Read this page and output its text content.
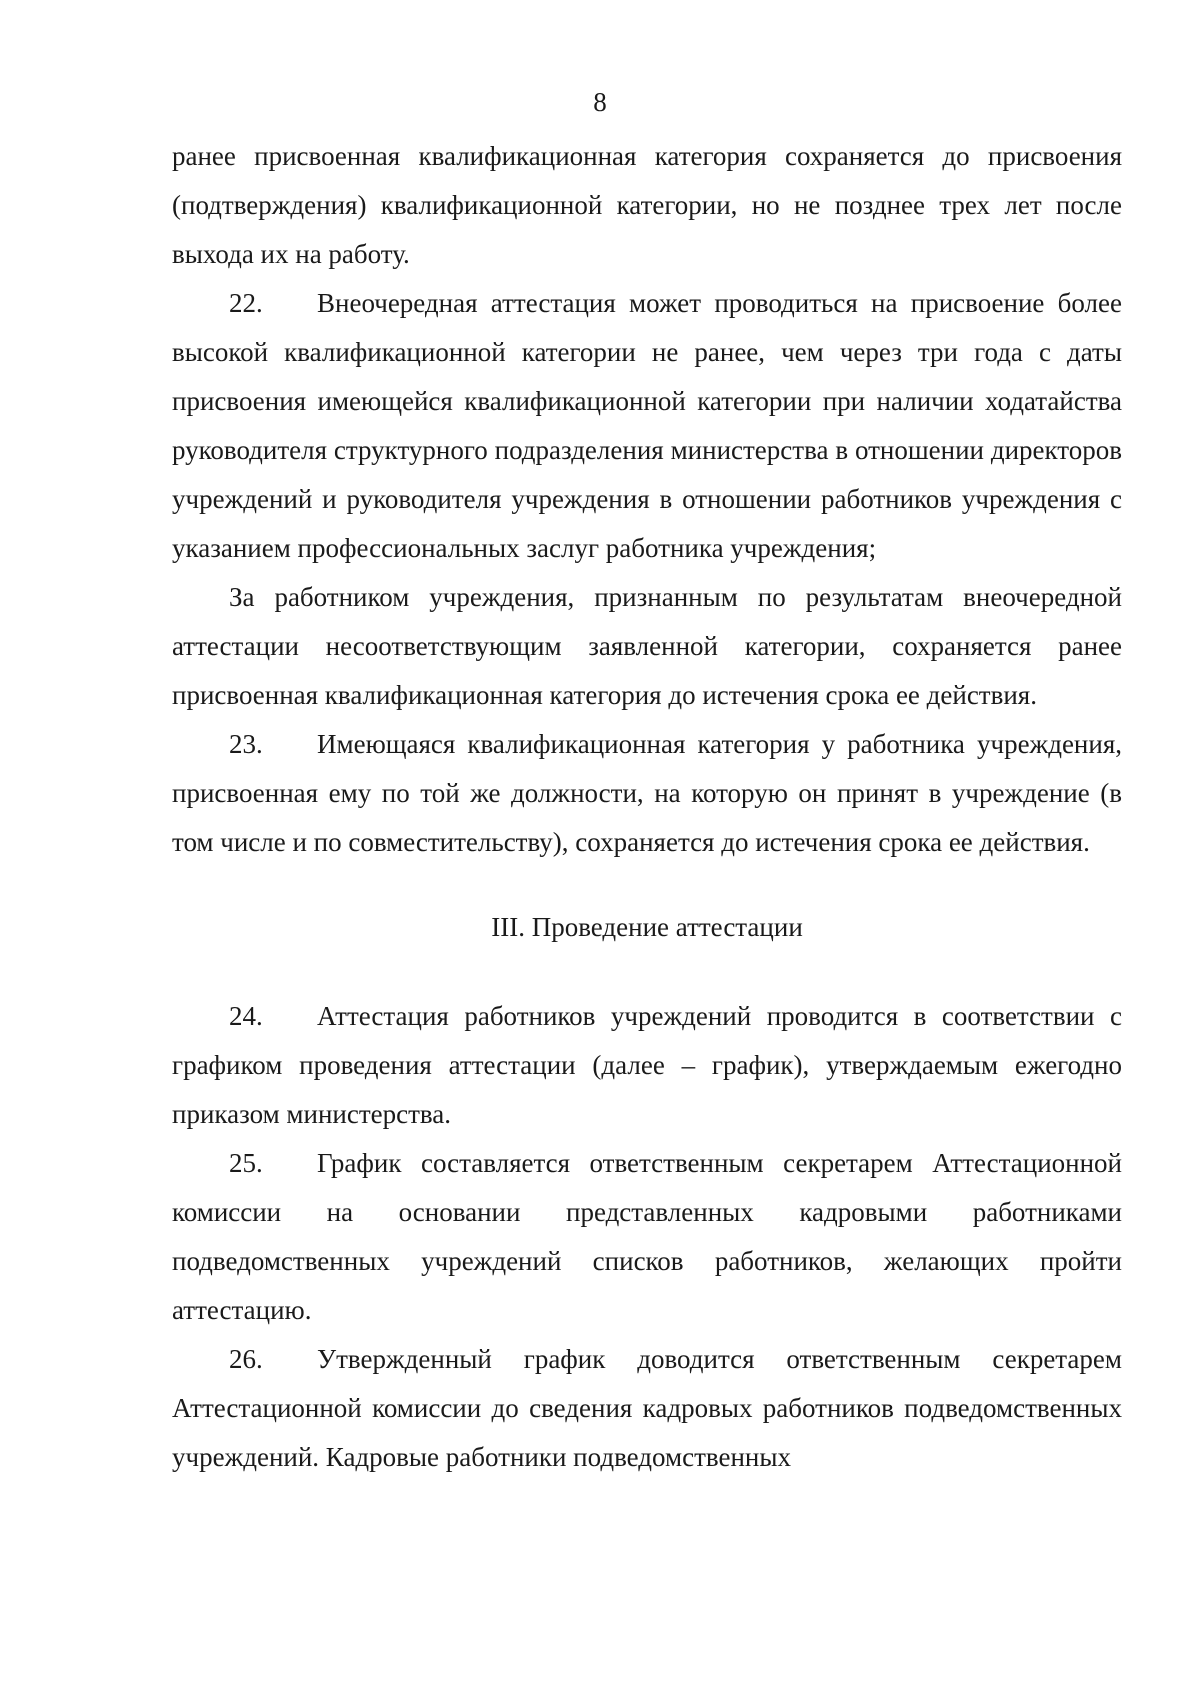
8

ранее присвоенная квалификационная категория сохраняется до присвоения (подтверждения) квалификационной категории, но не позднее трех лет после выхода их на работу.

22. Внеочередная аттестация может проводиться на присвоение более высокой квалификационной категории не ранее, чем через три года с даты присвоения имеющейся квалификационной категории при наличии ходатайства руководителя структурного подразделения министерства в отношении директоров учреждений и руководителя учреждения в отношении работников учреждения с указанием профессиональных заслуг работника учреждения;

За работником учреждения, признанным по результатам внеочередной аттестации несоответствующим заявленной категории, сохраняется ранее присвоенная квалификационная категория до истечения срока ее действия.

23. Имеющаяся квалификационная категория у работника учреждения, присвоенная ему по той же должности, на которую он принят в учреждение (в том числе и по совместительству), сохраняется до истечения срока ее действия.

III. Проведение аттестации

24. Аттестация работников учреждений проводится в соответствии с графиком проведения аттестации (далее – график), утверждаемым ежегодно приказом министерства.

25. График составляется ответственным секретарем Аттестационной комиссии на основании представленных кадровыми работниками подведомственных учреждений списков работников, желающих пройти аттестацию.

26. Утвержденный график доводится ответственным секретарем Аттестационной комиссии до сведения кадровых работников подведомственных учреждений. Кадровые работники подведомственных
